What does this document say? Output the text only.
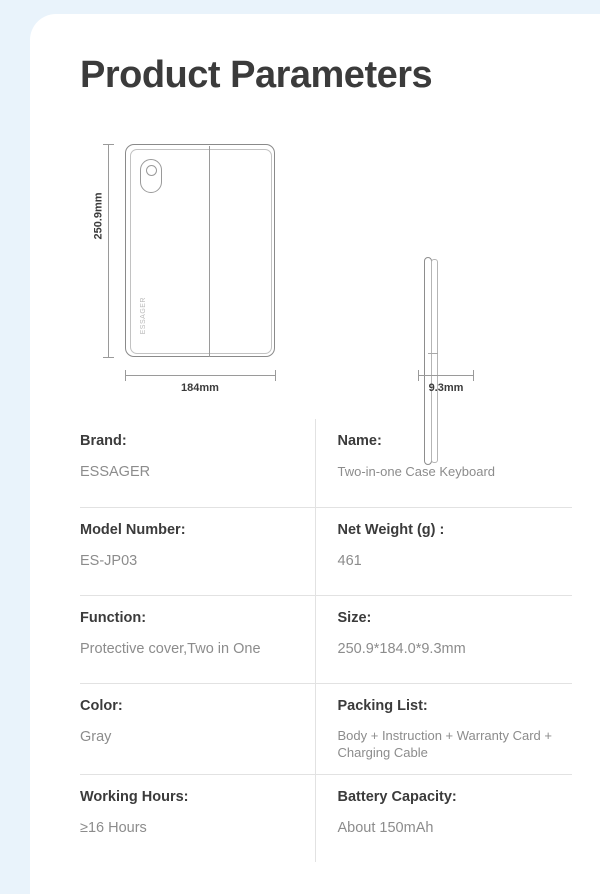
Product Parameters
ESSAGER
250.9mm
184mm	9.3mm
Brand:
ESSAGER
Name:
Two-in-one Case Keyboard
Model Number:
ES-JP03
Net Weight (g) :
461
Function:
Protective cover,Two in One
Size:
250.9*184.0*9.3mm
Color:
Gray
Packing List:
Body + Instruction + Warranty Card + Charging Cable
Working Hours:
≥16 Hours
Battery Capacity:
About 150mAh
